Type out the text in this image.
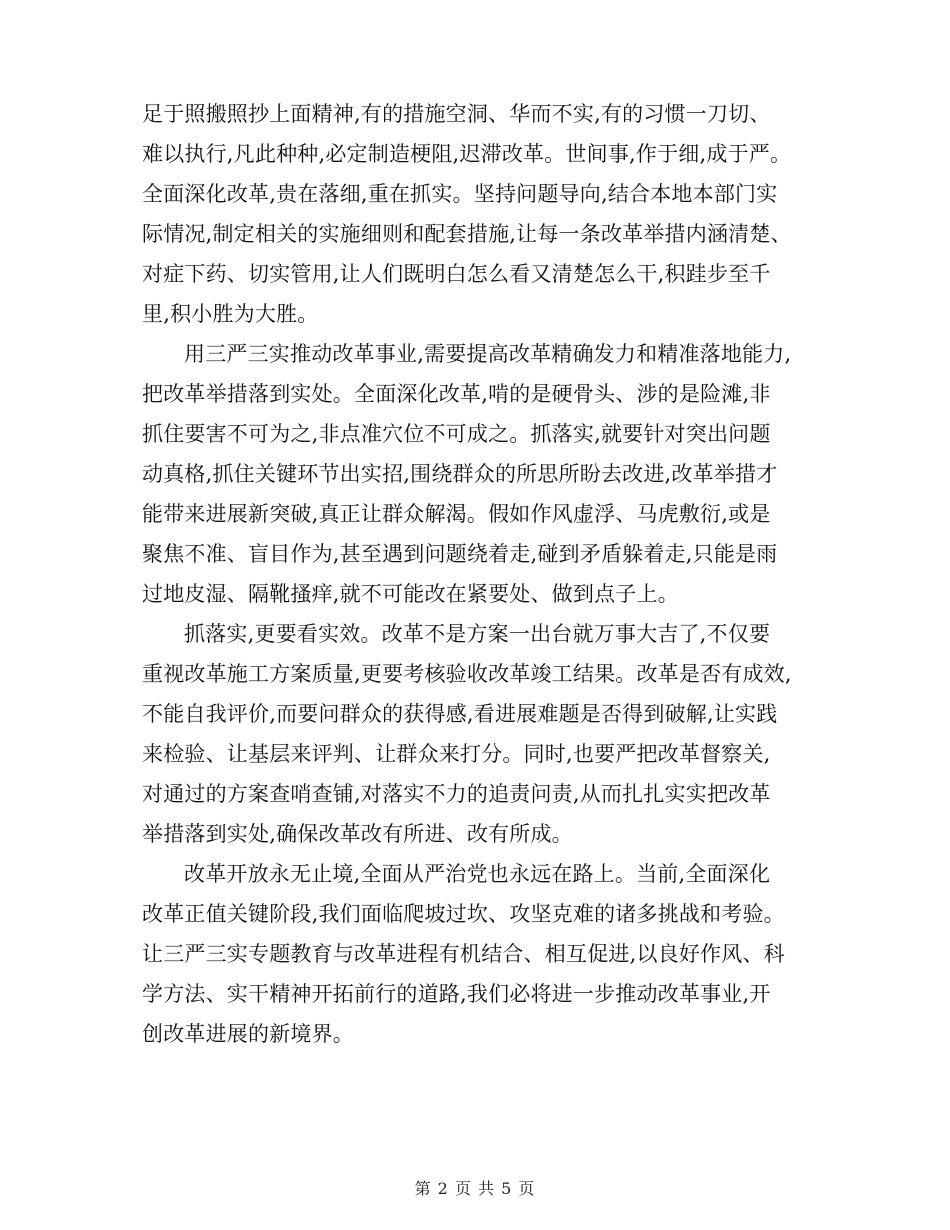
足于照搬照抄上面精神,有的措施空洞、华而不实,有的习惯一刀切、
难以执行,凡此种种,必定制造梗阻,迟滞改革。世间事,作于细,成于严。
全面深化改革,贵在落细,重在抓实。坚持问题导向,结合本地本部门实
际情况,制定相关的实施细则和配套措施,让每一条改革举措内涵清楚、
对症下药、切实管用,让人们既明白怎么看又清楚怎么干,积跬步至千
里,积小胜为大胜。

用三严三实推动改革事业,需要提高改革精确发力和精准落地能力,
把改革举措落到实处。全面深化改革,啃的是硬骨头、涉的是险滩,非
抓住要害不可为之,非点准穴位不可成之。抓落实,就要针对突出问题
动真格,抓住关键环节出实招,围绕群众的所思所盼去改进,改革举措才
能带来进展新突破,真正让群众解渴。假如作风虚浮、马虎敷衍,或是
聚焦不准、盲目作为,甚至遇到问题绕着走,碰到矛盾躲着走,只能是雨
过地皮湿、隔靴搔痒,就不可能改在紧要处、做到点子上。

抓落实,更要看实效。改革不是方案一出台就万事大吉了,不仅要
重视改革施工方案质量,更要考核验收改革竣工结果。改革是否有成效,
不能自我评价,而要问群众的获得感,看进展难题是否得到破解,让实践
来检验、让基层来评判、让群众来打分。同时,也要严把改革督察关,
对通过的方案查哨查铺,对落实不力的追责问责,从而扎扎实实把改革
举措落到实处,确保改革改有所进、改有所成。

改革开放永无止境,全面从严治党也永远在路上。当前,全面深化
改革正值关键阶段,我们面临爬坡过坎、攻坚克难的诸多挑战和考验。
让三严三实专题教育与改革进程有机结合、相互促进,以良好作风、科
学方法、实干精神开拓前行的道路,我们必将进一步推动改革事业,开
创改革进展的新境界。

第 2 页 共 5 页
